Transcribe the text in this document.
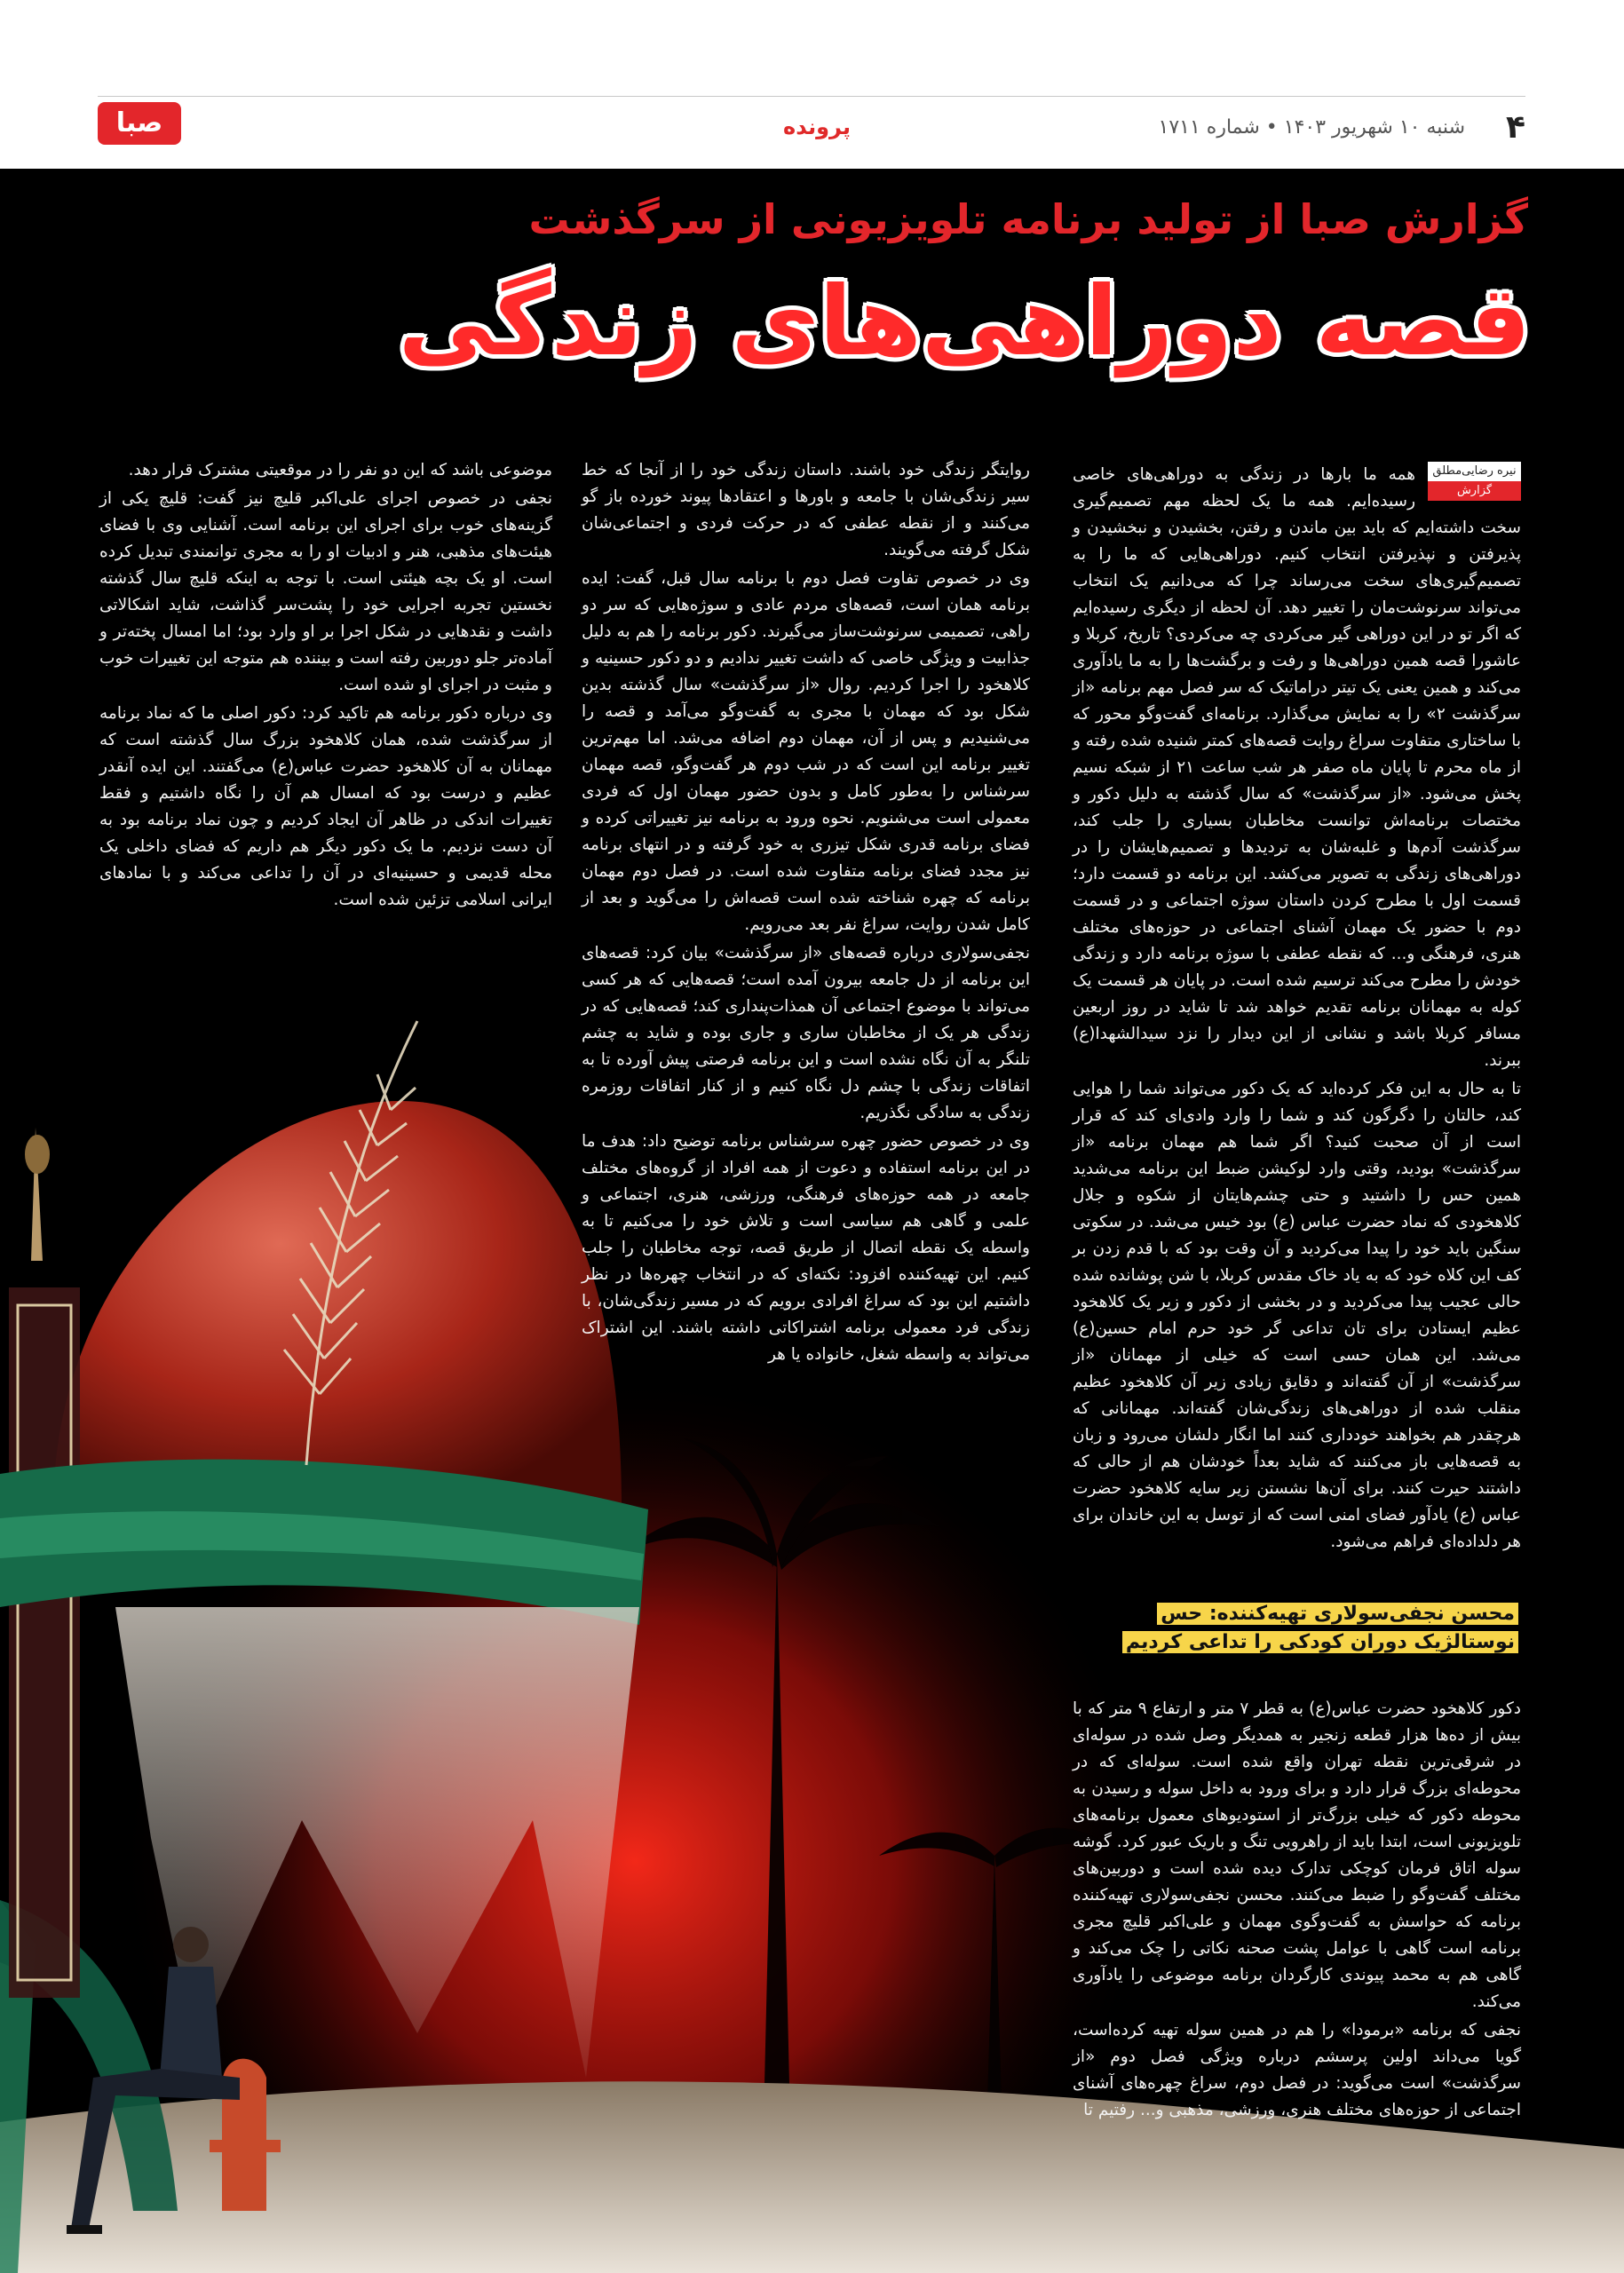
۴
شنبه ۱۰ شهریور ۱۴۰۳ • شماره ۱۷۱۱
پرونده
صبا
گزارش صبا از تولید برنامه تلویزیونی از سرگذشت
قصه دوراهی‌های زندگی
نیره رضایی‌مطلق
گزارش

همه ما بارها در زندگی به دوراهی‌های خاصی رسیده‌ایم. همه ما یک لحظه مهم تصمیم‌گیری سخت داشته‌ایم که باید بین ماندن و رفتن، بخشیدن و نبخشیدن و پذیرفتن و نپذیرفتن انتخاب کنیم. دوراهی‌هایی که ما را به تصمیم‌گیری‌های سخت می‌رساند چرا که می‌دانیم یک انتخاب می‌تواند سرنوشت‌مان را تغییر دهد. آن لحظه از دیگری رسیده‌ایم که اگر تو در این دوراهی گیر می‌کردی چه می‌کردی؟ تاریخ، کربلا و عاشورا قصه همین دوراهی‌ها و رفت و برگشت‌ها را به ما یادآوری می‌کند و همین یعنی یک تیتر دراماتیک که سر فصل مهم برنامه «از سرگذشت ۲» را به نمایش می‌گذارد. برنامه‌ای گفت‌وگو محور که با ساختاری متفاوت سراغ روایت قصه‌های کمتر شنیده شده رفته و از ماه محرم تا پایان ماه صفر هر شب ساعت ۲۱ از شبکه نسیم پخش می‌شود. «از سرگذشت» که سال گذشته به دلیل دکور و مختصات برنامه‌اش توانست مخاطبان بسیاری را جلب کند، سرگذشت آدم‌ها و غلبه‌شان به تردیدها و تصمیم‌هایشان را در دوراهی‌های زندگی به تصویر می‌کشد. این برنامه دو قسمت دارد؛ قسمت اول با مطرح کردن داستان سوژه اجتماعی و در قسمت دوم با حضور یک مهمان آشنای اجتماعی در حوزه‌های مختلف هنری، فرهنگی و... که نقطه عطفی با سوژه برنامه دارد و زندگی خودش را مطرح می‌کند ترسیم شده است. در پایان هر قسمت یک کوله به مهمانان برنامه تقدیم خواهد شد تا شاید در روز اربعین مسافر کربلا باشد و نشانی از این دیدار را نزد سیدالشهدا(ع) ببرند.

تا به حال به این فکر کرده‌اید که یک دکور می‌تواند شما را هوایی کند، حالتان را دگرگون کند و شما را وارد وادی‌ای کند که قرار است از آن صحبت کنید؟ اگر شما هم مهمان برنامه «از سرگذشت» بودید، وقتی وارد لوکیشن ضبط این برنامه می‌شدید همین حس را داشتید و حتی چشم‌هایتان از شکوه و جلال کلاهخودی که نماد حضرت عباس (ع) بود خیس می‌شد. در سکوتی سنگین باید خود را پیدا می‌کردید و آن وقت بود که با قدم زدن بر کف این کلاه خود که به یاد خاک مقدس کربلا، با شن پوشانده شده حالی عجیب پیدا می‌کردید و در بخشی از دکور و زیر یک کلاهخود عظیم ایستادن برای تان تداعی گر خود حرم امام حسین(ع) می‌شد. این همان حسی است که خیلی از مهمانان «از سرگذشت» از آن گفته‌اند و دقایق زیادی زیر آن کلاهخود عظیم منقلب شده از دوراهی‌های زندگی‌شان گفته‌اند. مهمانانی که هرچقدر هم بخواهند خودداری کنند اما انگار دلشان می‌رود و زبان به قصه‌هایی باز می‌کنند که شاید بعداً خودشان هم از حالی که داشتند حیرت کنند. برای آن‌ها نشستن زیر سایه کلاهخود حضرت عباس (ع) یادآور فضای امنی است که از توسل به این خاندان برای هر دلداده‌ای فراهم می‌شود.

محسن نجفی‌سولاری تهیه‌کننده: حس نوستالژیک دوران کودکی را تداعی کردیم

دکور کلاهخود حضرت عباس(ع) به قطر ۷ متر و ارتفاع ۹ متر که با بیش از ده‌ها هزار قطعه زنجیر به همدیگر وصل شده در سوله‌ای در شرقی‌ترین نقطه تهران واقع شده است. سوله‌ای که در محوطه‌ای بزرگ قرار دارد و برای ورود به داخل سوله و رسیدن به محوطه دکور که خیلی بزرگ‌تر از استودیوهای معمول برنامه‌های تلویزیونی است، ابتدا باید از راهرویی تنگ و باریک عبور کرد. گوشه سوله اتاق فرمان کوچکی تدارک دیده شده است و دوربین‌های مختلف گفت‌وگو را ضبط می‌کنند. محسن نجفی‌سولاری تهیه‌کننده برنامه که حواسش به گفت‌وگوی مهمان و علی‌اکبر قلیچ مجری برنامه است گاهی با عوامل پشت صحنه نکاتی را چک می‌کند و گاهی هم به محمد پیوندی کارگردان برنامه موضوعی را یادآوری می‌کند.

نجفی که برنامه «برمودا» را هم در همین سوله تهیه کرده‌است، گویا می‌داند اولین پرسشم درباره ویژگی فصل دوم «از سرگذشت» است می‌گوید: در فصل دوم، سراغ چهره‌های آشنای اجتماعی از حوزه‌های مختلف هنری، ورزشی، مذهبی و... رفتیم تا

روایتگر زندگی خود باشند. داستان زندگی خود را از آنجا که خط سیر زندگی‌شان با جامعه و باورها و اعتقادها پیوند خورده باز گو می‌کنند و از نقطه عطفی که در حرکت فردی و اجتماعی‌شان شکل گرفته می‌گویند.

وی در خصوص تفاوت فصل دوم با برنامه سال قبل، گفت: ایده برنامه همان است، قصه‌های مردم عادی و سوژه‌هایی که سر دو راهی، تصمیمی سرنوشت‌ساز می‌گیرند. دکور برنامه را هم به دلیل جذابیت و ویژگی خاصی که داشت تغییر ندادیم و دو دکور حسینیه و کلاهخود را اجرا کردیم. روال «از سرگذشت» سال گذشته بدین شکل بود که مهمان با مجری به گفت‌وگو می‌آمد و قصه را می‌شنیدیم و پس از آن، مهمان دوم اضافه می‌شد. اما مهم‌ترین تغییر برنامه این است که در شب دوم هر گفت‌وگو، قصه مهمان سرشناس را به‌طور کامل و بدون حضور مهمان اول که فردی معمولی است می‌شنویم. نحوه ورود به برنامه نیز تغییراتی کرده و فضای برنامه قدری شکل تیزری به خود گرفته و در انتهای برنامه نیز مجدد فضای برنامه متفاوت شده است. در فصل دوم مهمان برنامه که چهره شناخته شده است قصه‌اش را می‌گوید و بعد از کامل شدن روایت، سراغ نفر بعد می‌رویم.

نجفی‌سولاری درباره قصه‌های «از سرگذشت» بیان کرد: قصه‌های این برنامه از دل جامعه بیرون آمده است؛ قصه‌هایی که هر کسی می‌تواند با موضوع اجتماعی آن همذات‌پنداری کند؛ قصه‌هایی که در زندگی هر یک از مخاطبان ساری و جاری بوده و شاید به چشم تلنگر به آن نگاه نشده است و این برنامه فرصتی پیش آورده تا به اتفاقات زندگی با چشم دل نگاه کنیم و از کنار اتفاقات روزمره زندگی به سادگی نگذریم.

وی در خصوص حضور چهره سرشناس برنامه توضیح داد: هدف ما در این برنامه استفاده و دعوت از همه افراد از گروه‌های مختلف جامعه در همه حوزه‌های فرهنگی، ورزشی، هنری، اجتماعی و علمی و گاهی هم سیاسی است و تلاش خود را می‌کنیم تا به واسطه یک نقطه اتصال از طریق قصه، توجه مخاطبان را جلب کنیم. این تهیه‌کننده افزود: نکته‌ای که در انتخاب چهره‌ها در نظر داشتیم این بود که سراغ افرادی برویم که در مسیر زندگی‌شان، با زندگی فرد معمولی برنامه اشتراکاتی داشته باشند. این اشتراک می‌تواند به واسطه شغل، خانواده یا هر

موضوعی باشد که این دو نفر را در موقعیتی مشترک قرار دهد.

نجفی در خصوص اجرای علی‌اکبر قلیچ نیز گفت: قلیچ یکی از گزینه‌های خوب برای اجرای این برنامه است. آشنایی وی با فضای هیئت‌های مذهبی، هنر و ادبیات او را به مجری توانمندی تبدیل کرده است. او یک بچه هیئتی است. با توجه به اینکه قلیچ سال گذشته نخستین تجربه اجرایی خود را پشت‌سر گذاشت، شاید اشکالاتی داشت و نقدهایی در شکل اجرا بر او وارد بود؛ اما امسال پخته‌تر و آماده‌تر جلو دوربین رفته است و بیننده هم متوجه این تغییرات خوب و مثبت در اجرای او شده است.

وی درباره دکور برنامه هم تاکید کرد: دکور اصلی ما که نماد برنامه از سرگذشت شده، همان کلاهخود بزرگ سال گذشته است که مهمانان به آن کلاهخود حضرت عباس(ع) می‌گفتند. این ایده آنقدر عظیم و درست بود که امسال هم آن را نگاه داشتیم و فقط تغییرات اندکی در ظاهر آن ایجاد کردیم و چون نماد برنامه بود به آن دست نزدیم. ما یک دکور دیگر هم داریم که فضای داخلی یک محله قدیمی و حسینیه‌ای در آن را تداعی می‌کند و با نمادهای ایرانی اسلامی تزئین شده است.
